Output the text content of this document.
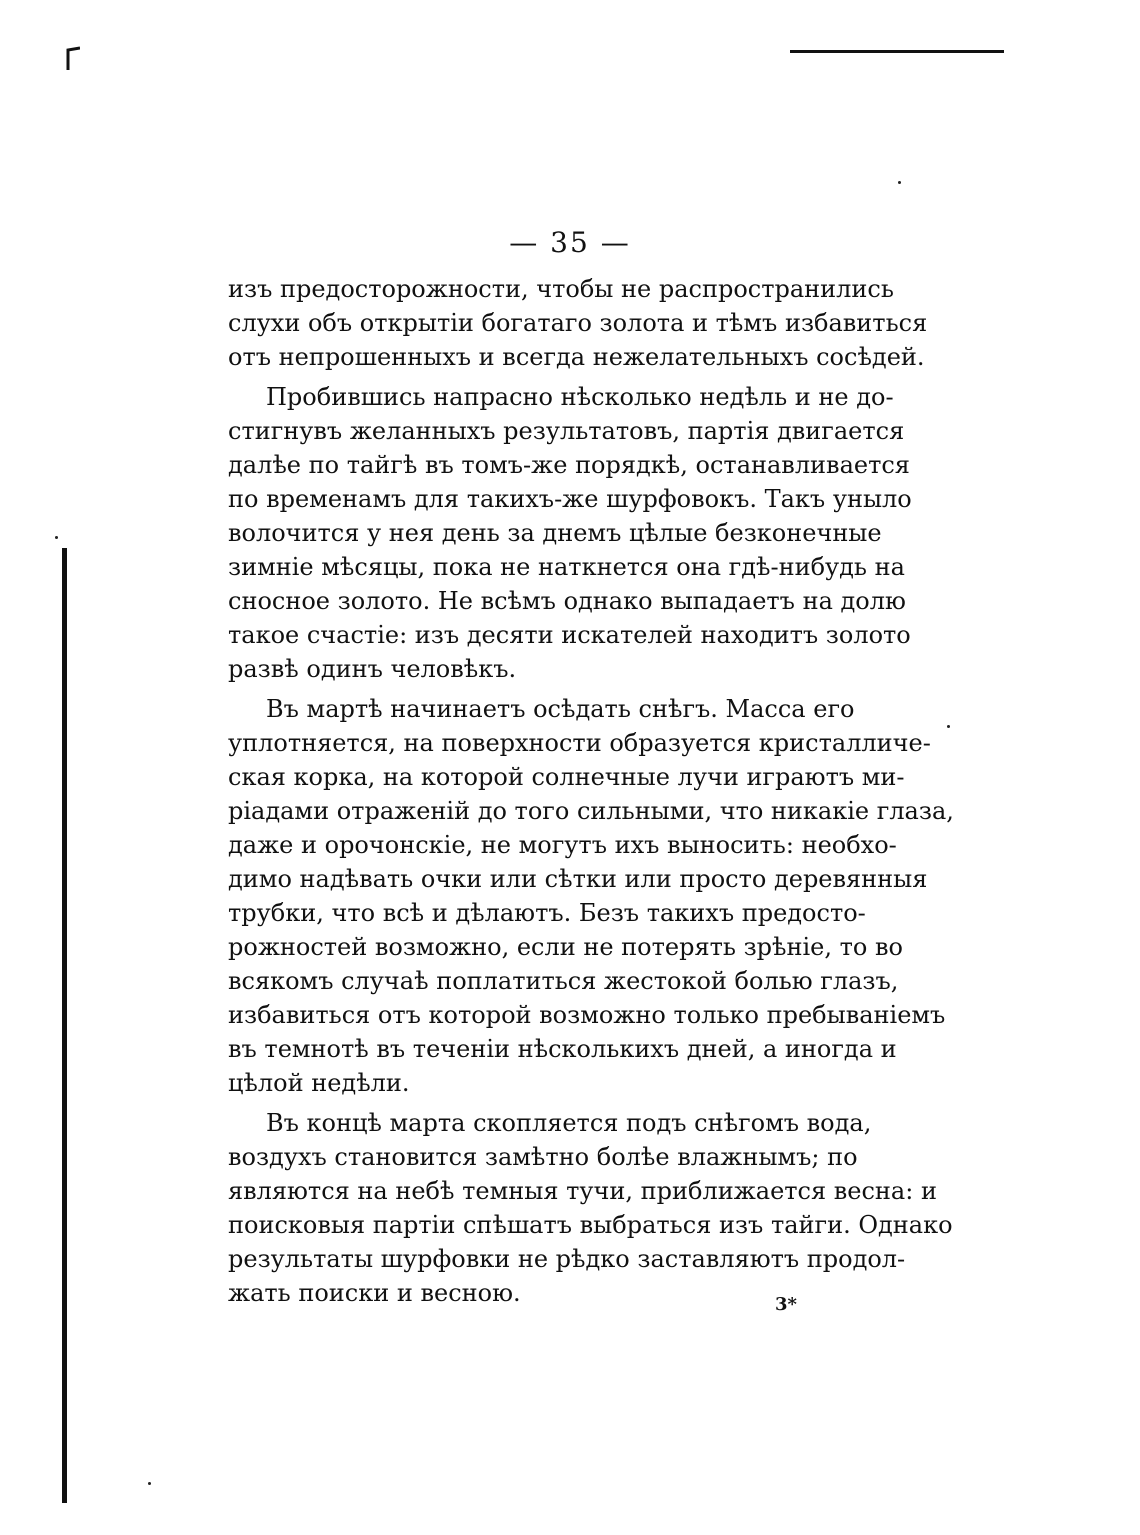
— 35 —
изъ предосторожности, чтобы не распространились
слухи объ открытіи богатаго золота и тѣмъ избавиться
отъ непрошенныхъ и всегда нежелательныхъ сосѣдей.
Пробившись напрасно нѣсколько недѣль и не до-
стигнувъ желанныхъ результатовъ, партія двигается
далѣе по тайгѣ въ томъ-же порядкѣ, останавливается
по временамъ для такихъ-же шурфовокъ. Такъ уныло
волочится у нея день за днемъ цѣлые безконечные
зимніе мѣсяцы, пока не наткнется она гдѣ-нибудь на
сносное золото. Не всѣмъ однако выпадаетъ на долю
такое счастіе: изъ десяти искателей находитъ золото
развѣ одинъ человѣкъ.
Въ мартѣ начинаетъ осѣдать снѣгъ. Масса его
уплотняется, на поверхности образуется кристалличе-
ская корка, на которой солнечные лучи играютъ ми-
ріадами отраженій до того сильными, что никакіе глаза,
даже и орочонскіе, не могутъ ихъ выносить: необхо-
димо надѣвать очки или сѣтки или просто деревянныя
трубки, что всѣ и дѣлаютъ. Безъ такихъ предосто-
рожностей возможно, если не потерять зрѣніе, то во
всякомъ случаѣ поплатиться жестокой болью глазъ,
избавиться отъ которой возможно только пребываніемъ
въ темнотѣ въ теченіи нѣсколькихъ дней, а иногда и
цѣлой недѣли.
Въ концѣ марта скопляется подъ снѣгомъ вода,
воздухъ становится замѣтно болѣе влажнымъ; по
являются на небѣ темныя тучи, приближается весна: и
поисковыя партіи спѣшатъ выбраться изъ тайги. Однако
результаты шурфовки не рѣдко заставляютъ продол-
жать поиски и весною.	3*
